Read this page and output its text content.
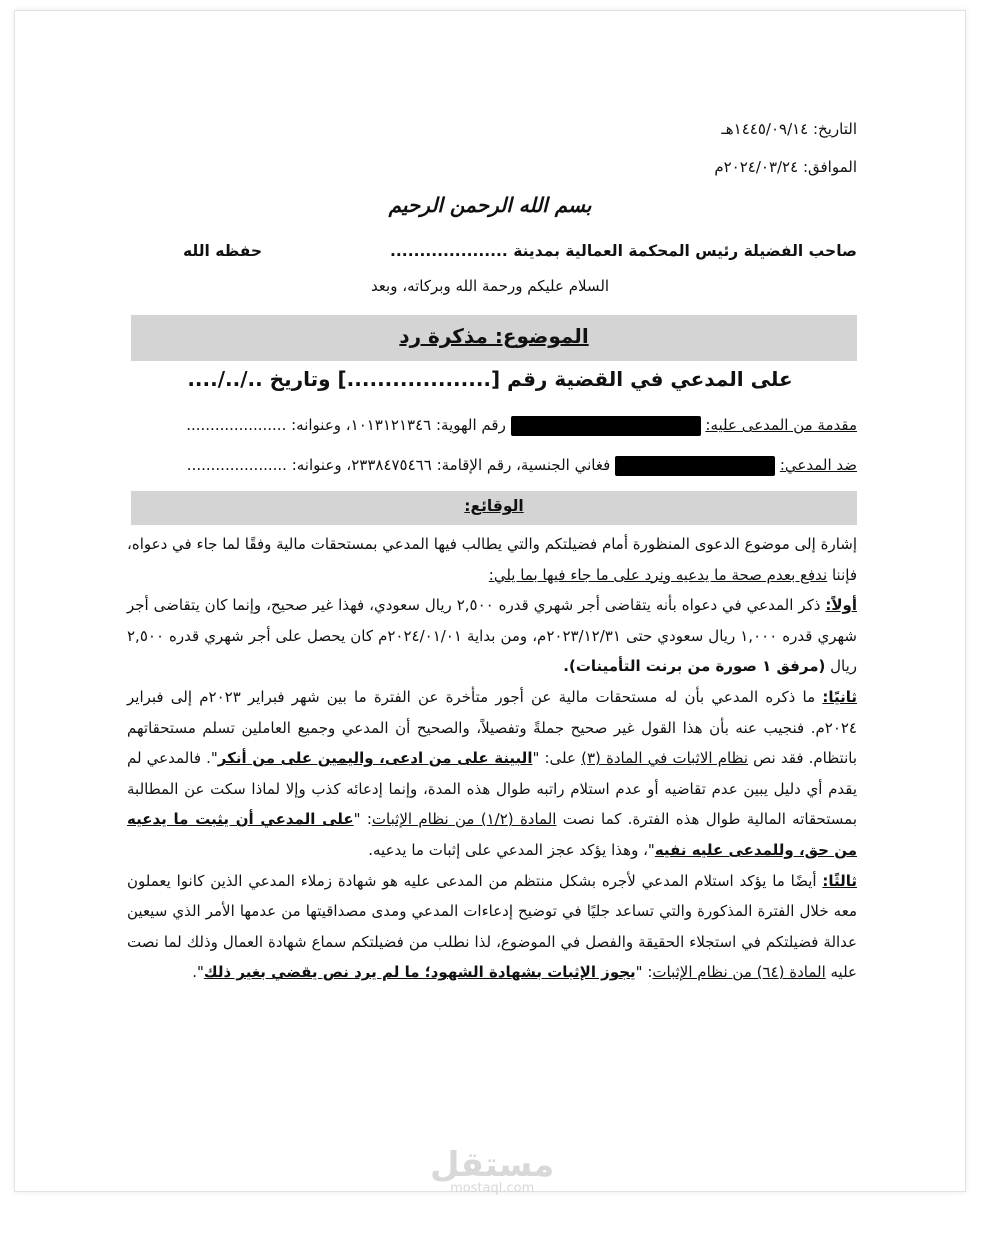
التاريخ: ١٤٤٥/٠٩/١٤هـ
الموافق: ٢٠٢٤/٠٣/٢٤م
بسم الله الرحمن الرحيم
صاحب الفضيلة رئيس المحكمة العمالية بمدينة ....................
حفظه الله
السلام عليكم ورحمة الله وبركاته، وبعد
الموضوع: مذكرة رد
على المدعي في القضية رقم [...................] وتاريخ ../../....
مقدمة من المدعى عليه:  رقم الهوية: ١٠١٣١٢١٣٤٦، وعنوانه: .....................
ضد المدعي:  فغاني الجنسية، رقم الإقامة: ٢٣٣٨٤٧٥٤٦٦، وعنوانه: .....................
الوقائع:

إشارة إلى موضوع الدعوى المنظورة أمام فضيلتكم والتي يطالب فيها المدعي بمستحقات مالية وفقًا لما جاء في دعواه، فإننا ندفع بعدم صحة ما يدعيه ونرد على ما جاء فيها بما يلي:

أولاً: ذكر المدعي في دعواه بأنه يتقاضى أجر شهري قدره ٢,٥٠٠ ريال سعودي، فهذا غير صحيح، وإنما كان يتقاضى أجر شهري قدره ١,٠٠٠ ريال سعودي حتى ٢٠٢٣/١٢/٣١م، ومن بداية ٢٠٢٤/٠١/٠١م كان يحصل على أجر شهري قدره ٢,٥٠٠ ريال (مرفق ١ صورة من برنت التأمينات).

ثانيًا: ما ذكره المدعي بأن له مستحقات مالية عن أجور متأخرة عن الفترة ما بين شهر فبراير ٢٠٢٣م إلى فبراير ٢٠٢٤م. فنجيب عنه بأن هذا القول غير صحيح جملةً وتفصيلاً، والصحيح أن المدعي وجميع العاملين تسلم مستحقاتهم بانتظام. فقد نص نظام الاثبات في المادة (٣) على: "البينة على من ادعى، واليمين على من أنكر". فالمدعي لم يقدم أي دليل يبين عدم تقاضيه أو عدم استلام راتبه طوال هذه المدة، وإنما إدعائه كذب وإلا لماذا سكت عن المطالبة بمستحقاته المالية طوال هذه الفترة. كما نصت المادة (١/٢) من نظام الإثبات: "على المدعي أن يثبت ما يدعيه من حق، وللمدعى عليه نفيه"، وهذا يؤكد عجز المدعي على إثبات ما يدعيه.

ثالثًا: أيضًا ما يؤكد استلام المدعي لأجره بشكل منتظم من المدعى عليه هو شهادة زملاء المدعي الذين كانوا يعملون معه خلال الفترة المذكورة والتي تساعد جليًا في توضيح إدعاءات المدعي ومدى مصداقيتها من عدمها الأمر الذي سيعين عدالة فضيلتكم في استجلاء الحقيقة والفصل في الموضوع، لذا نطلب من فضيلتكم سماع شهادة العمال وذلك لما نصت عليه المادة (٦٤) من نظام الإثبات: "يجوز الإثبات بشهادة الشهود؛ ما لم يرد نص يقضي بغير ذلك".

مستقل
mostaql.com
